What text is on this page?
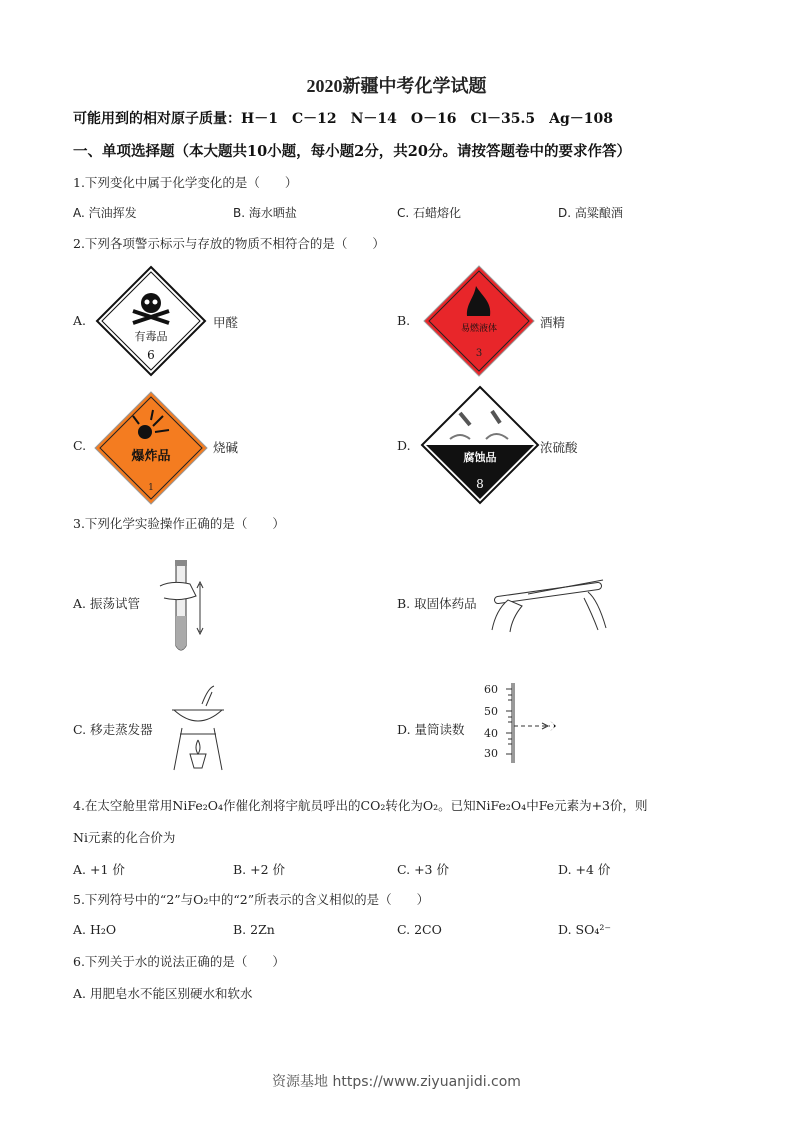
2020新疆中考化学试题
可能用到的相对原子质量：H－1　C－12　N－14　O－16　Cl－35.5　Ag－108
一、单项选择题（本大题共10小题，每小题2分，共20分。请按答题卷中的要求作答）
1.下列变化中属于化学变化的是（　　）
A. 汽油挥发	B. 海水晒盐	C. 石蜡熔化	D. 高粱酿酒
2.下列各项警示标示与存放的物质不相符合的是（　　）
A.
有毒品
6
甲醛	B.
易燃液体
3
酒精
C.
爆炸品
1
烧碱	D.
腐蚀品
8
浓硫酸
3.下列化学实验操作正确的是（　　）
A. 振荡试管	B. 取固体药品
C. 移走蒸发器	D. 量筒读数
60
50
40
30
4.在太空舱里常用NiFe₂O₄作催化剂将宇航员呼出的CO₂转化为O₂。已知NiFe₂O₄中Fe元素为+3价，则
Ni元素的化合价为
A. +1 价	B. +2 价	C. +3 价	D. +4 价
5.下列符号中的“2”与O₂中的“2”所表示的含义相似的是（　　）
A. H₂O	B. 2Zn	C. 2CO	D. SO₄²⁻
6.下列关于水的说法正确的是（　　）
A. 用肥皂水不能区别硬水和软水
资源基地 https://www.ziyuanjidi.com
